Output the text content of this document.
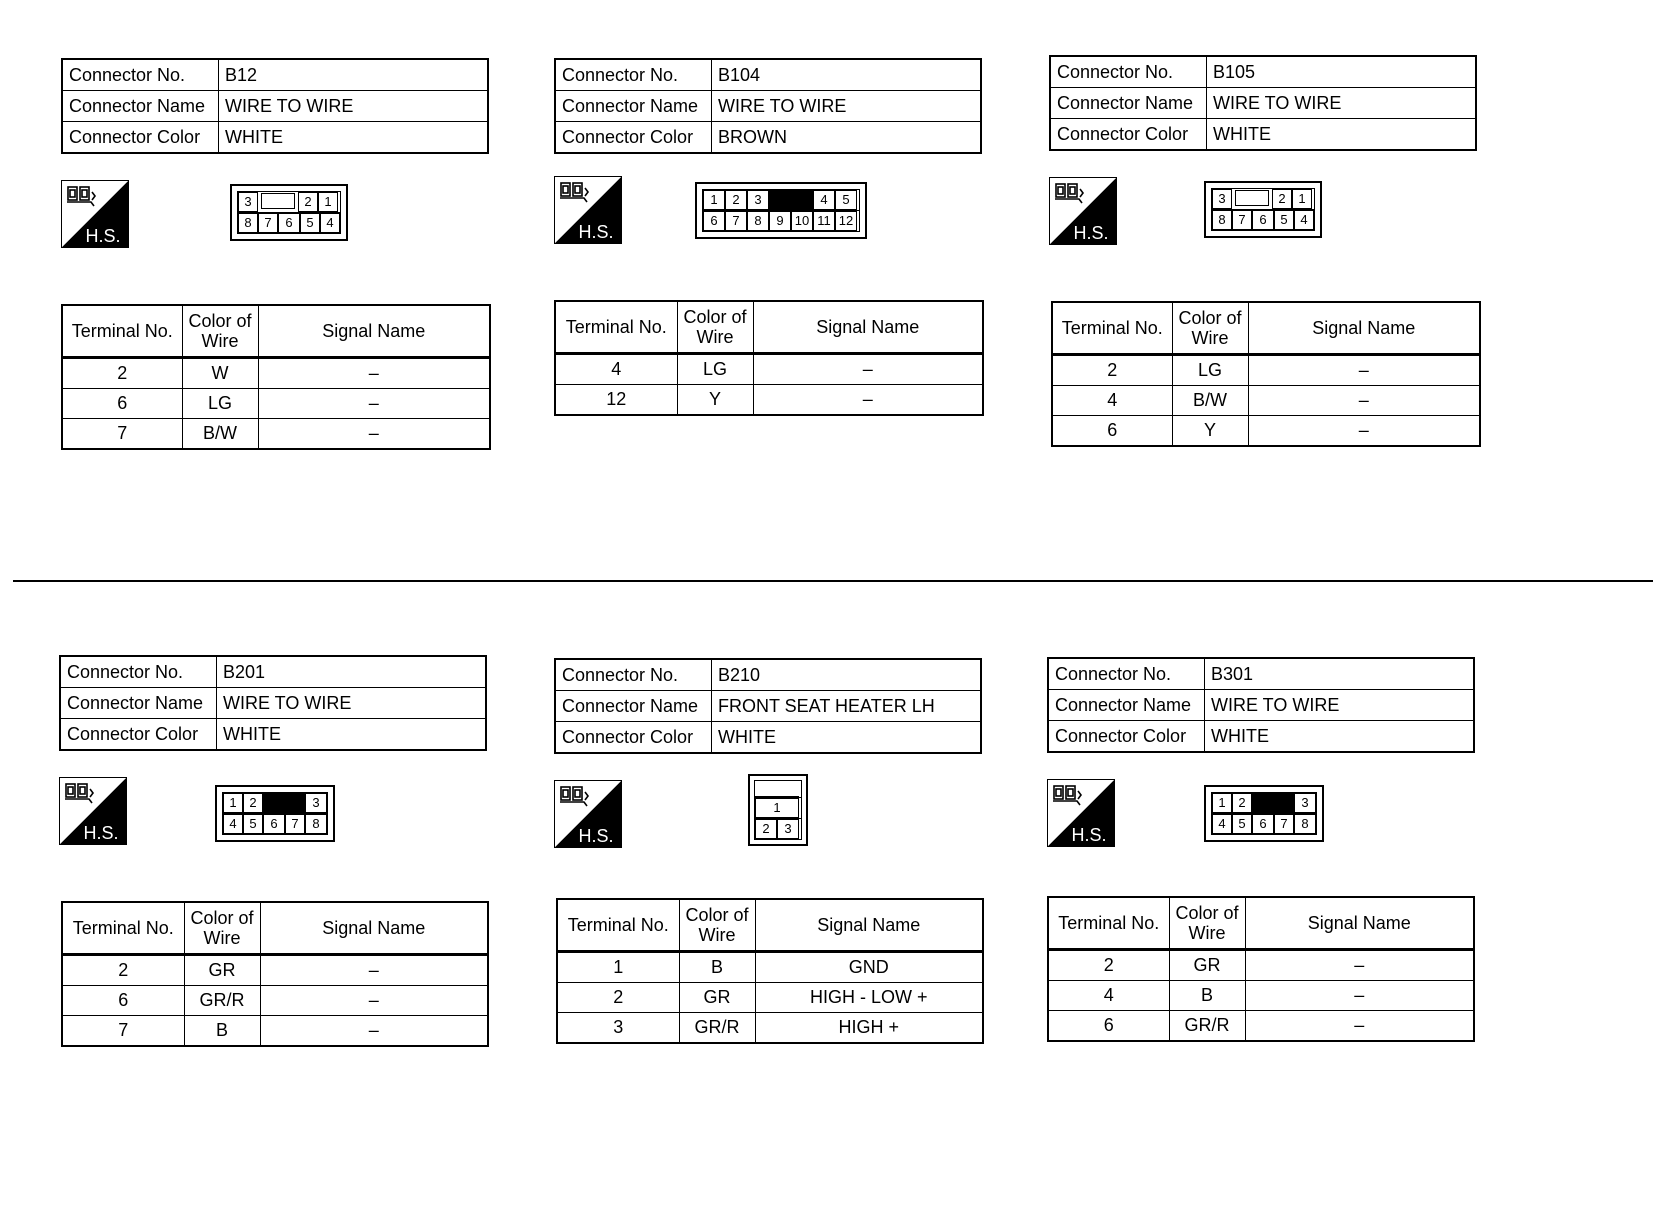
Connector No.	B12
Connector Name	WIRE TO WIRE
Connector Color	WHITE
H.S.
3	2 1
8 7	6	5 4
Terminal No.	Color of Wire	Signal Name
2	W	–
6	LG	–
7	B/W	–
Connector No.	B104
Connector Name	WIRE TO WIRE
Connector Color	BROWN
H.S.
1	2	3	4	5
6	7	8	9 10 11 12
Terminal No.	Color of Wire	Signal Name
4	LG	–
12	Y	–
Connector No.	B105
Connector Name	WIRE TO WIRE
Connector Color	WHITE
H.S.
3	2 1
8 7	6	5 4
Terminal No.	Color of Wire	Signal Name
2	LG	–
4	B/W	–
6	Y	–
Connector No.	B201
Connector Name	WIRE TO WIRE
Connector Color	WHITE
H.S.
1 2	3
4 5	6	7	8
Terminal No.	Color of Wire	Signal Name
2	GR	–
6	GR/R	–
7	B	–
Connector No.	B210
Connector Name	FRONT SEAT HEATER LH
Connector Color	WHITE
H.S.
1
2	3
Terminal No.	Color of Wire	Signal Name
1	B	GND
2	GR	HIGH - LOW +
3	GR/R	HIGH +
Connector No.	B301
Connector Name	WIRE TO WIRE
Connector Color	WHITE
H.S.
1 2	3
4 5	6	7	8
Terminal No.	Color of Wire	Signal Name
2	GR	–
4	B	–
6	GR/R	–
